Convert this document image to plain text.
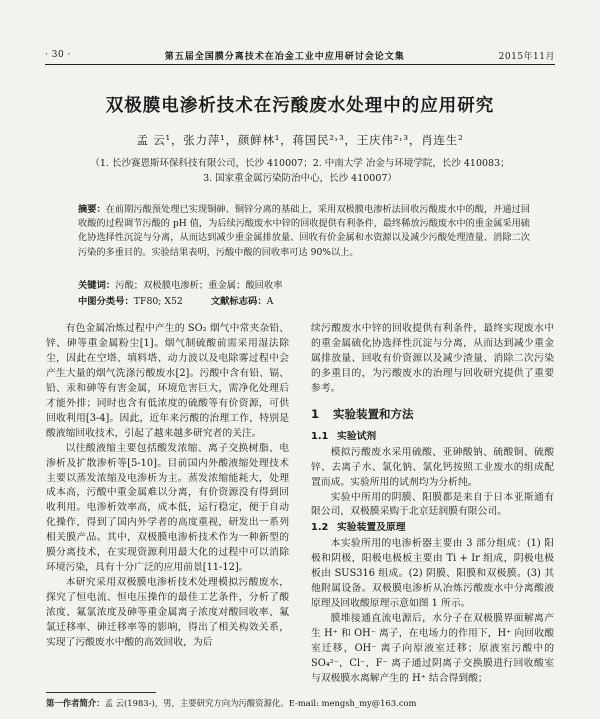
· 30 ·	第五届全国膜分离技术在冶金工业中应用研讨会论文集	2015年11月
双极膜电渗析技术在污酸废水处理中的应用研究
孟 云¹，张力萍¹，颜鲜林¹，蒋国民²˒³，王庆伟²˒³，肖连生²
（1. 长沙赛恩斯环保科技有限公司，长沙 410007；2. 中南大学 冶金与环境学院，长沙 410083；
3. 国家重金属污染防治中心，长沙 410007）
摘要：在前期污酸预处理已实现铜砷、铜锌分离的基础上，采用双极膜电渗析法回收污酸废水中的酸，并通过回收酸的过程调节污酸的 pH 值，为后续污酸废水中锌的回收提供有利条件，最终稀放污酸废水中的重金属采用硫化协选择性沉淀与分离，从而达到减少重金属排放量、回收有价金属和水资源以及减少污酸处理渣量、消除二次污染的多重目的。实验结果表明，污酸中酸的回收率可达 90%以上。
关键词：污酸；双极膜电渗析；重金属；酸回收率
中图分类号：TF80; X52	文献标志码：A

有色金属冶炼过程中产生的 SO₂ 烟气中常夹杂铅、锌、砷等重金属粉尘[1]。烟气制硫酸前需采用湿法除尘，因此在空塔、填料塔、动力波以及电除雾过程中会产生大量的烟气洗涤污酸废水[2]。污酸中含有铅、镉、铅、汞和砷等有害金属，环境危害巨大，需净化处理后才能外排；同时也含有低浓度的硫酸等有价资源，可供回收利用[3-4]。因此，近年来污酸的治理工作，特别是酸液缩回收技术，引起了越来越多研究者的关注。

以往酸液缩主要包括酸发浓缩、离子交换树脂、电渗析及扩散渗析等[5-10]。目前国内外酸液缩处理技术主要以蒸发浓缩及电渗析为主。蒸发浓缩能耗大，处理成本高，污酸中重金属难以分离，有价资源没有得到回收利用。电渗析效率高，成本低，运行稳定，便于自动化操作，得到了国内外学者的高度重视，研发出一系列相关膜产品。其中，双极膜电渗析技术作为一种新型的膜分离技术，在实现资源利用最大化的过程中可以消除环境污染，具有十分广泛的应用前景[11-12]。

本研究采用双极膜电渗析技术处理模拟污酸废水，探究了恒电流、恒电压操作的最佳工艺条件，分析了酸浓度、氟氯浓度及砷等重金属离子浓度对酸回收率、氟氯迁移率、砷迁移率等的影响，得出了相关构效关系，实现了污酸废水中酸的高效回收，为后

续污酸废水中锌的回收提供有利条件，最终实现废水中的重金属硫化协选择性沉淀与分离，从而达到减少重金属排放量、回收有价资源以及减少渣量、消除二次污染的多重目的，为污酸废水的治理与回收研究提供了重要参考。

1 实验装置和方法
1.1 实验试剂

模拟污酸废水采用硫酸、亚砷酸钠、硫酸铜、硫酸锌、去离子水、氯化钠、氯化钙按照工业废水的组成配置而成。实验所用的试剂均为分析纯。

实验中所用的阴膜、阳膜都是来自于日本亚斯通有限公司，双极膜采购于北京廷润膜有限公司。

1.2 实验装置及原理

本实验所用的电渗析器主要由 3 部分组成：(1) 阳极和阴极，阳极电极板主要由 Ti + Ir 组成，阴极电极板由 SUS316 组成。(2) 阴膜、阳膜和双极膜。(3) 其他附属设备。双极膜电渗析从冶炼污酸废水中分离酸液原理及回收酸原理示意如图 1 所示。

膜堆接通直流电源后，水分子在双极膜界面解离产生 H⁺ 和 OH⁻ 离子，在电场力的作用下，H⁺ 向回收酸室迁移，OH⁻ 离子向原液室迁移；原液室污酸中的 SO₄²⁻，Cl⁻，F⁻ 离子通过阴离子交换膜进行回收酸室与双极膜水离解产生的 H⁺ 结合得到酸；

第一作者简介：孟 云(1983-)，男，主要研究方向为污酸资源化。E-mail: mengsh_my@163.com
